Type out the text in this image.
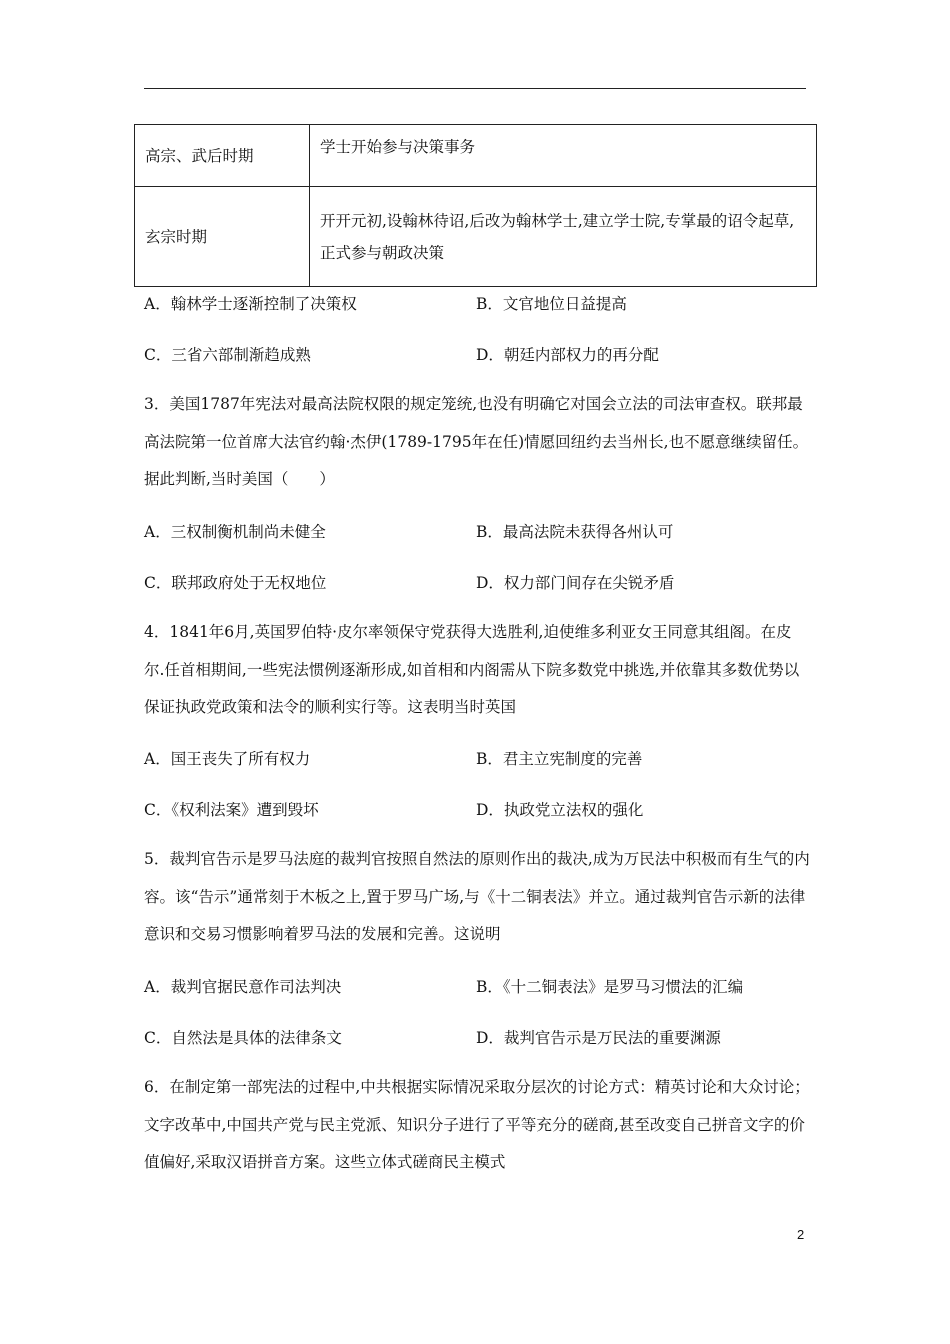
高宗、武后时期	学士开始参与决策事务
玄宗时期	开开元初,设翰林待诏,后改为翰林学士,建立学士院,专掌最的诏令起草,正式参与朝政决策
A．翰林学士逐渐控制了决策权	B．文官地位日益提高
C．三省六部制渐趋成熟	D．朝廷内部权力的再分配
3．美国1787年宪法对最高法院权限的规定笼统,也没有明确它对国会立法的司法审查权。联邦最高法院第一位首席大法官约翰·杰伊(1789-1795年在任)情愿回纽约去当州长,也不愿意继续留任。据此判断,当时美国（　　）
A．三权制衡机制尚未健全	B．最高法院未获得各州认可
C．联邦政府处于无权地位	D．权力部门间存在尖锐矛盾
4．1841年6月,英国罗伯特·皮尔率领保守党获得大选胜利,迫使维多利亚女王同意其组阁。在皮尔.任首相期间,一些宪法惯例逐渐形成,如首相和内阁需从下院多数党中挑选,并依靠其多数优势以保证执政党政策和法令的顺利实行等。这表明当时英国
A．国王丧失了所有权力	B．君主立宪制度的完善
C．《权利法案》遭到毁坏	D．执政党立法权的强化
5．裁判官告示是罗马法庭的裁判官按照自然法的原则作出的裁决,成为万民法中积极而有生气的内容。该“告示”通常刻于木板之上,置于罗马广场,与《十二铜表法》并立。通过裁判官告示新的法律意识和交易习惯影响着罗马法的发展和完善。这说明
A．裁判官据民意作司法判决	B．《十二铜表法》是罗马习惯法的汇编
C．自然法是具体的法律条文	D．裁判官告示是万民法的重要渊源
6．在制定第一部宪法的过程中,中共根据实际情况采取分层次的讨论方式：精英讨论和大众讨论；文字改革中,中国共产党与民主党派、知识分子进行了平等充分的磋商,甚至改变自己拼音文字的价值偏好,采取汉语拼音方案。这些立体式磋商民主模式
2
